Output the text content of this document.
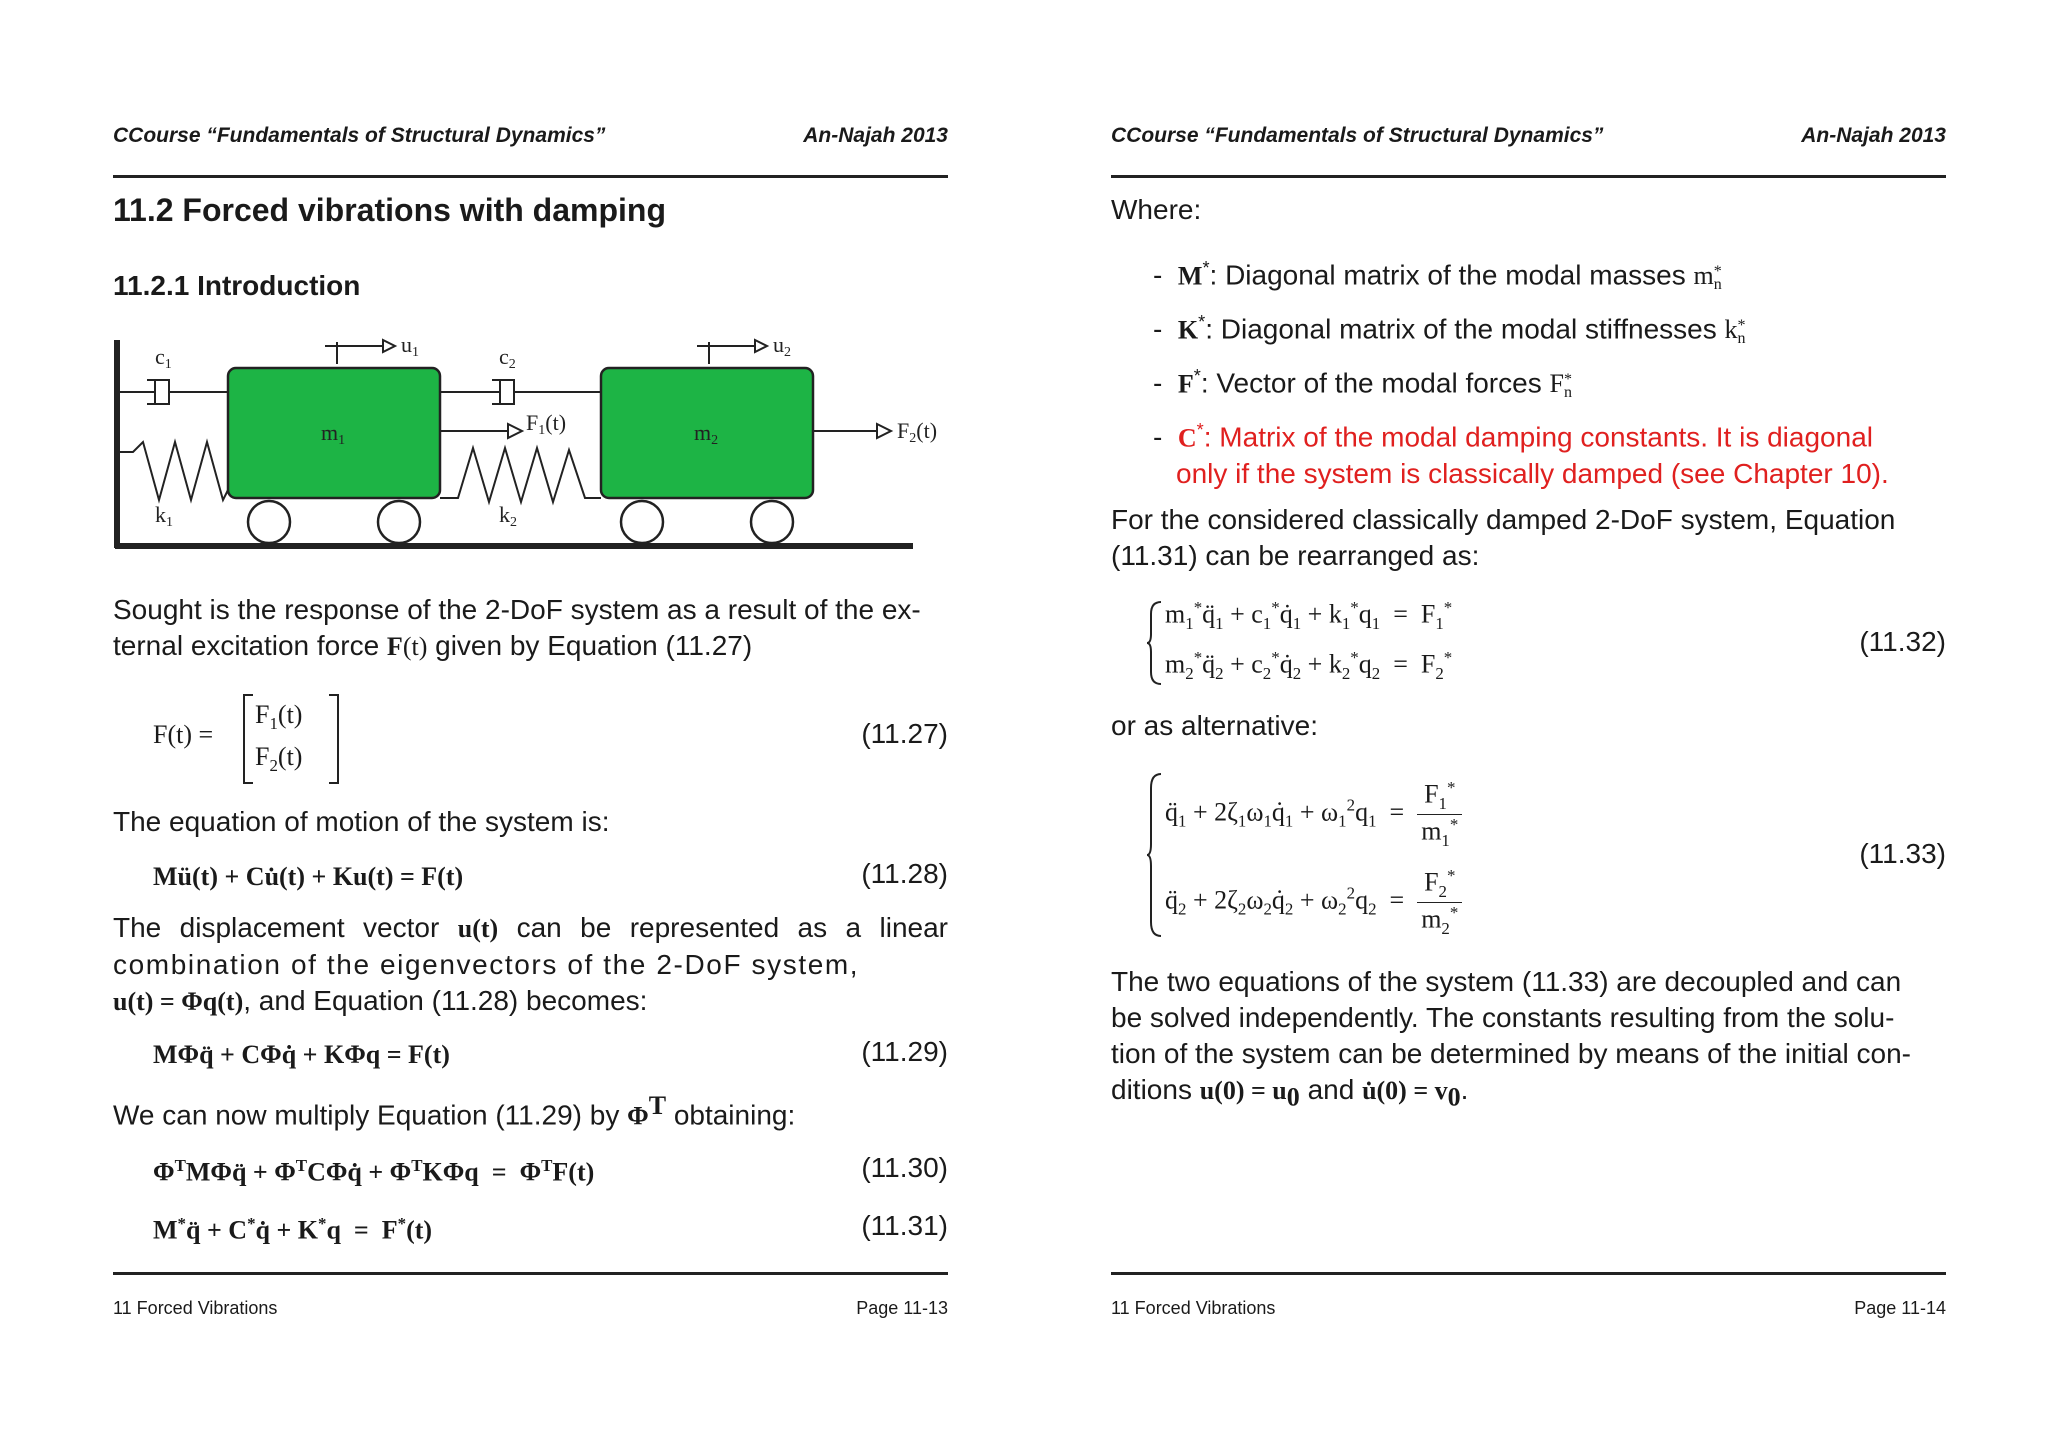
CCourse “Fundamentals of Structural Dynamics”	An-Najah 2013
11.2 Forced vibrations with damping
11.2.1 Introduction
c1	c2
k1	k2
m1	m2
u1	u2
F1(t)	F2(t)
Sought is the response of the 2-DoF system as a result of the ex-
ternal excitation force F(t) given by Equation (11.27)
F(t) =
$F_1(t)$
$F_2(t)$
(11.27)
The equation of motion of the system is:
Mü(t) + Cu̇(t) + Ku(t) = F(t)	(11.28)
The displacement vector u(t) can be represented as a linear
combination of the eigenvectors of the 2-DoF system,
u(t) = Φq(t), and Equation (11.28) becomes:
MΦq̈ + CΦq̇ + KΦq = F(t)	(11.29)
We can now multiply Equation (11.29) by $\Phi^T$ obtaining:
$\Phi^TM\Phi q̈$ + $\Phi^TC\Phi q̇ + \Phi^TK\Phi q = \Phi^TF(t)$	(11.30)
M*q̈ + C*q̇ + K*q  =  F*(t)	(11.31)
11 Forced Vibrations	Page 11-13
CCourse “Fundamentals of Structural Dynamics”	An-Najah 2013
Where:
- M*: Diagonal matrix of the modal masses m *
n
- K*: Diagonal matrix of the modal stiffnesses k *
n
- F*: Vector of the modal forces F *
n
- C*: Matrix of the modal damping constants. It is diagonal
only if the system is classically damped (see Chapter 10).
For the considered classically damped 2-DoF system, Equation
(11.31) can be rearranged as:
$m_1^*q̈_1$ + $c_1^*q̇_1 + k_1^*q_1 = F_1^*$
$m_2^*q̈_2$ + $c_2^*q̇_2 + k_2^*q_2 = F_2^*$
(11.32)
or as alternative:
$q̈_1$ + $2\zeta_1\omega_1q̇_1 + \omega_1^2q_1 = \frac{F_1^*}{m_1^*}$
$q̈_2$ + $2\zeta_2\omega_2q̇_2 + \omega_2^2q_2 = \frac{F_2^*}{m_2^*}$
(11.33)
The two equations of the system (11.33) are decoupled and can
be solved independently. The constants resulting from the solu-
tion of the system can be determined by means of the initial con-
ditions $u(0) = u_0$ and u̇(0) = $v_0$.
11 Forced Vibrations	Page 11-14
